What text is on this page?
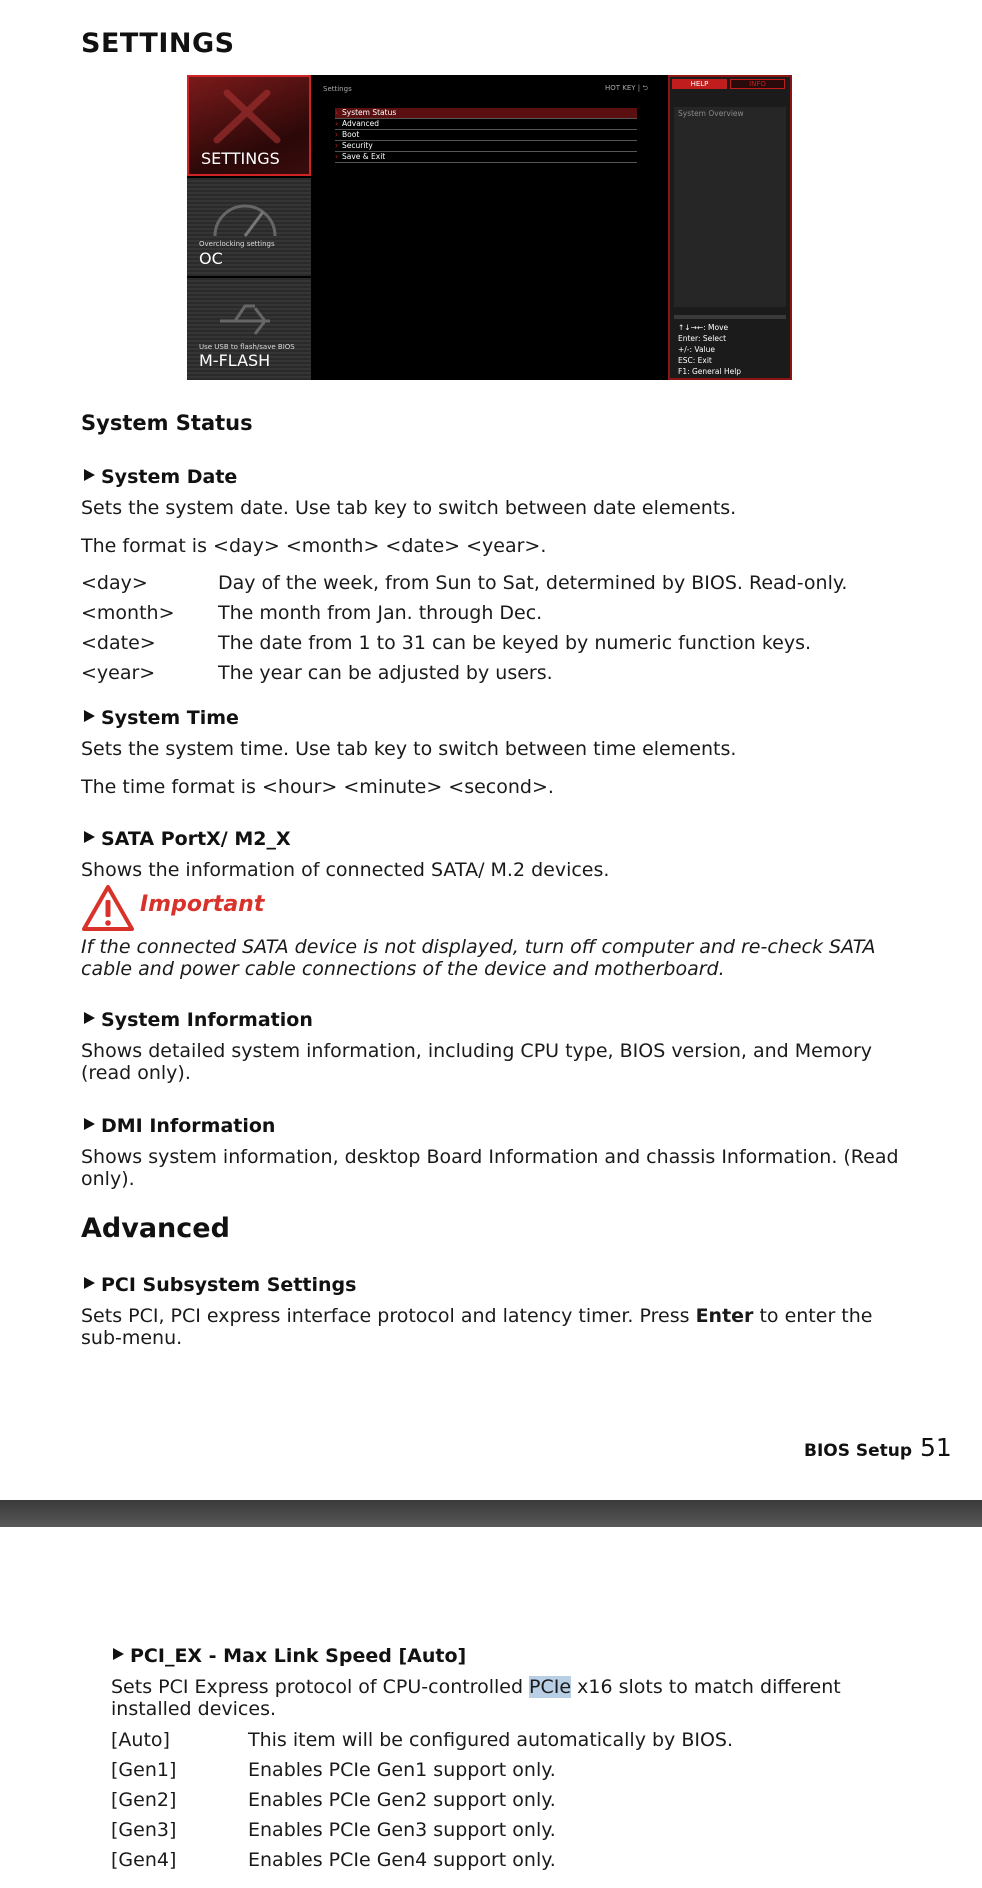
SETTINGS
SETTINGS
Overclocking settings
OC
Use USB to flash/save BIOS
M-FLASH
Settings	HOT KEY | ⮌
› System Status
› Advanced
› Boot
› Security
› Save & Exit
HELP	INFO
System Overview
↑↓→←: Move
Enter: Select
+/-: Value
ESC: Exit
F1: General Help
System Status
System Date
Sets the system date. Use tab key to switch between date elements.
The format is <day> <month> <date> <year>.
<day>	Day of the week, from Sun to Sat, determined by BIOS. Read-only.
<month> The month from Jan. through Dec.
<date>	The date from 1 to 31 can be keyed by numeric function keys.
<year>	The year can be adjusted by users.
System Time
Sets the system time. Use tab key to switch between time elements.
The time format is <hour> <minute> <second>.
SATA PortX/ M2_X
Shows the information of connected SATA/ M.2 devices.
Important
If the connected SATA device is not displayed, turn off computer and re-check SATA cable and power cable connections of the device and motherboard.
System Information
Shows detailed system information, including CPU type, BIOS version, and Memory (read only).
DMI Information
Shows system information, desktop Board Information and chassis Information. (Read only).
Advanced
PCI Subsystem Settings
Sets PCI, PCI express interface protocol and latency timer. Press Enter to enter the sub-menu.
BIOS Setup 51
PCI_EX - Max Link Speed [Auto]
Sets PCI Express protocol of CPU-controlled PCIe x16 slots to match different installed devices.
[Auto]	This item will be configured automatically by BIOS.
[Gen1]	Enables PCIe Gen1 support only.
[Gen2]	Enables PCIe Gen2 support only.
[Gen3]	Enables PCIe Gen3 support only.
[Gen4]	Enables PCIe Gen4 support only.
